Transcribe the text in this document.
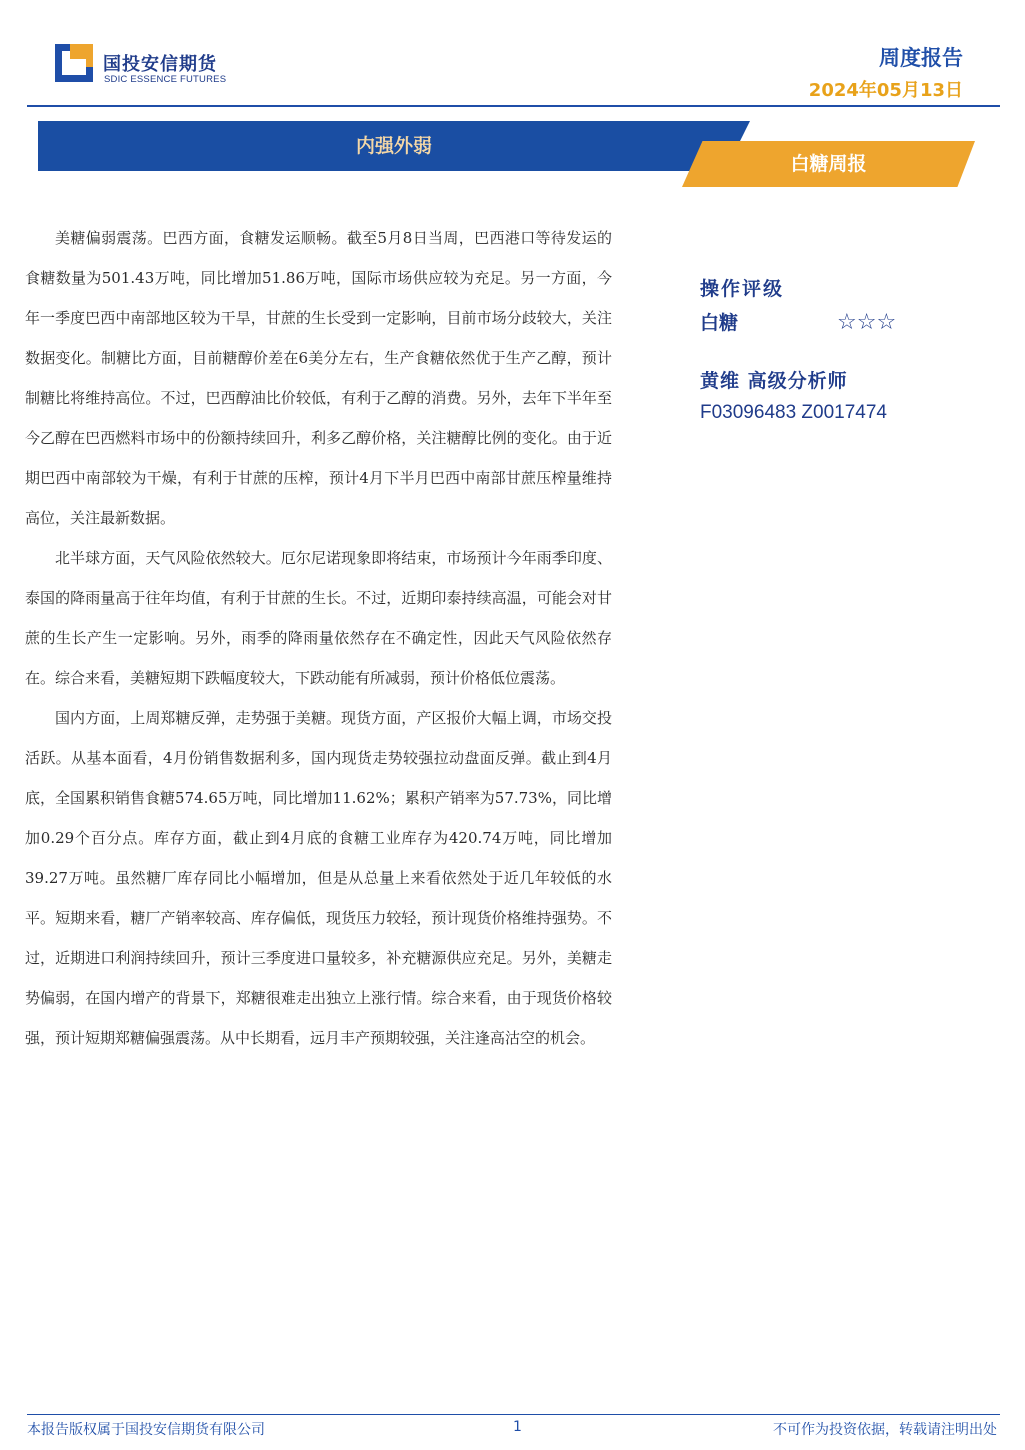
国投安信期货
SDIC ESSENCE FUTURES
周度报告
2024年05月13日
内强外弱
白糖周报

美糖偏弱震荡。巴西方面，食糖发运顺畅。截至5月8日当周，巴西港口等待发运的食糖数量为501.43万吨，同比增加51.86万吨，国际市场供应较为充足。另一方面，今年一季度巴西中南部地区较为干旱，甘蔗的生长受到一定影响，目前市场分歧较大，关注数据变化。制糖比方面，目前糖醇价差在6美分左右，生产食糖依然优于生产乙醇，预计制糖比将维持高位。不过，巴西醇油比价较低，有利于乙醇的消费。另外，去年下半年至今乙醇在巴西燃料市场中的份额持续回升，利多乙醇价格，关注糖醇比例的变化。由于近期巴西中南部较为干燥，有利于甘蔗的压榨，预计4月下半月巴西中南部甘蔗压榨量维持高位，关注最新数据。

北半球方面，天气风险依然较大。厄尔尼诺现象即将结束，市场预计今年雨季印度、泰国的降雨量高于往年均值，有利于甘蔗的生长。不过，近期印泰持续高温，可能会对甘蔗的生长产生一定影响。另外，雨季的降雨量依然存在不确定性，因此天气风险依然存在。综合来看，美糖短期下跌幅度较大，下跌动能有所减弱，预计价格低位震荡。

国内方面，上周郑糖反弹，走势强于美糖。现货方面，产区报价大幅上调，市场交投活跃。从基本面看，4月份销售数据利多，国内现货走势较强拉动盘面反弹。截止到4月底，全国累积销售食糖574.65万吨，同比增加11.62%；累积产销率为57.73%，同比增加0.29个百分点。库存方面，截止到4月底的食糖工业库存为420.74万吨，同比增加39.27万吨。虽然糖厂库存同比小幅增加，但是从总量上来看依然处于近几年较低的水平。短期来看，糖厂产销率较高、库存偏低，现货压力较轻，预计现货价格维持强势。不过，近期进口利润持续回升，预计三季度进口量较多，补充糖源供应充足。另外，美糖走势偏弱，在国内增产的背景下，郑糖很难走出独立上涨行情。综合来看，由于现货价格较强，预计短期郑糖偏强震荡。从中长期看，远月丰产预期较强，关注逢高沽空的机会。

操作评级
白糖	☆☆☆
黄维 高级分析师
F03096483 Z0017474
本报告版权属于国投安信期货有限公司	1	不可作为投资依据，转载请注明出处
